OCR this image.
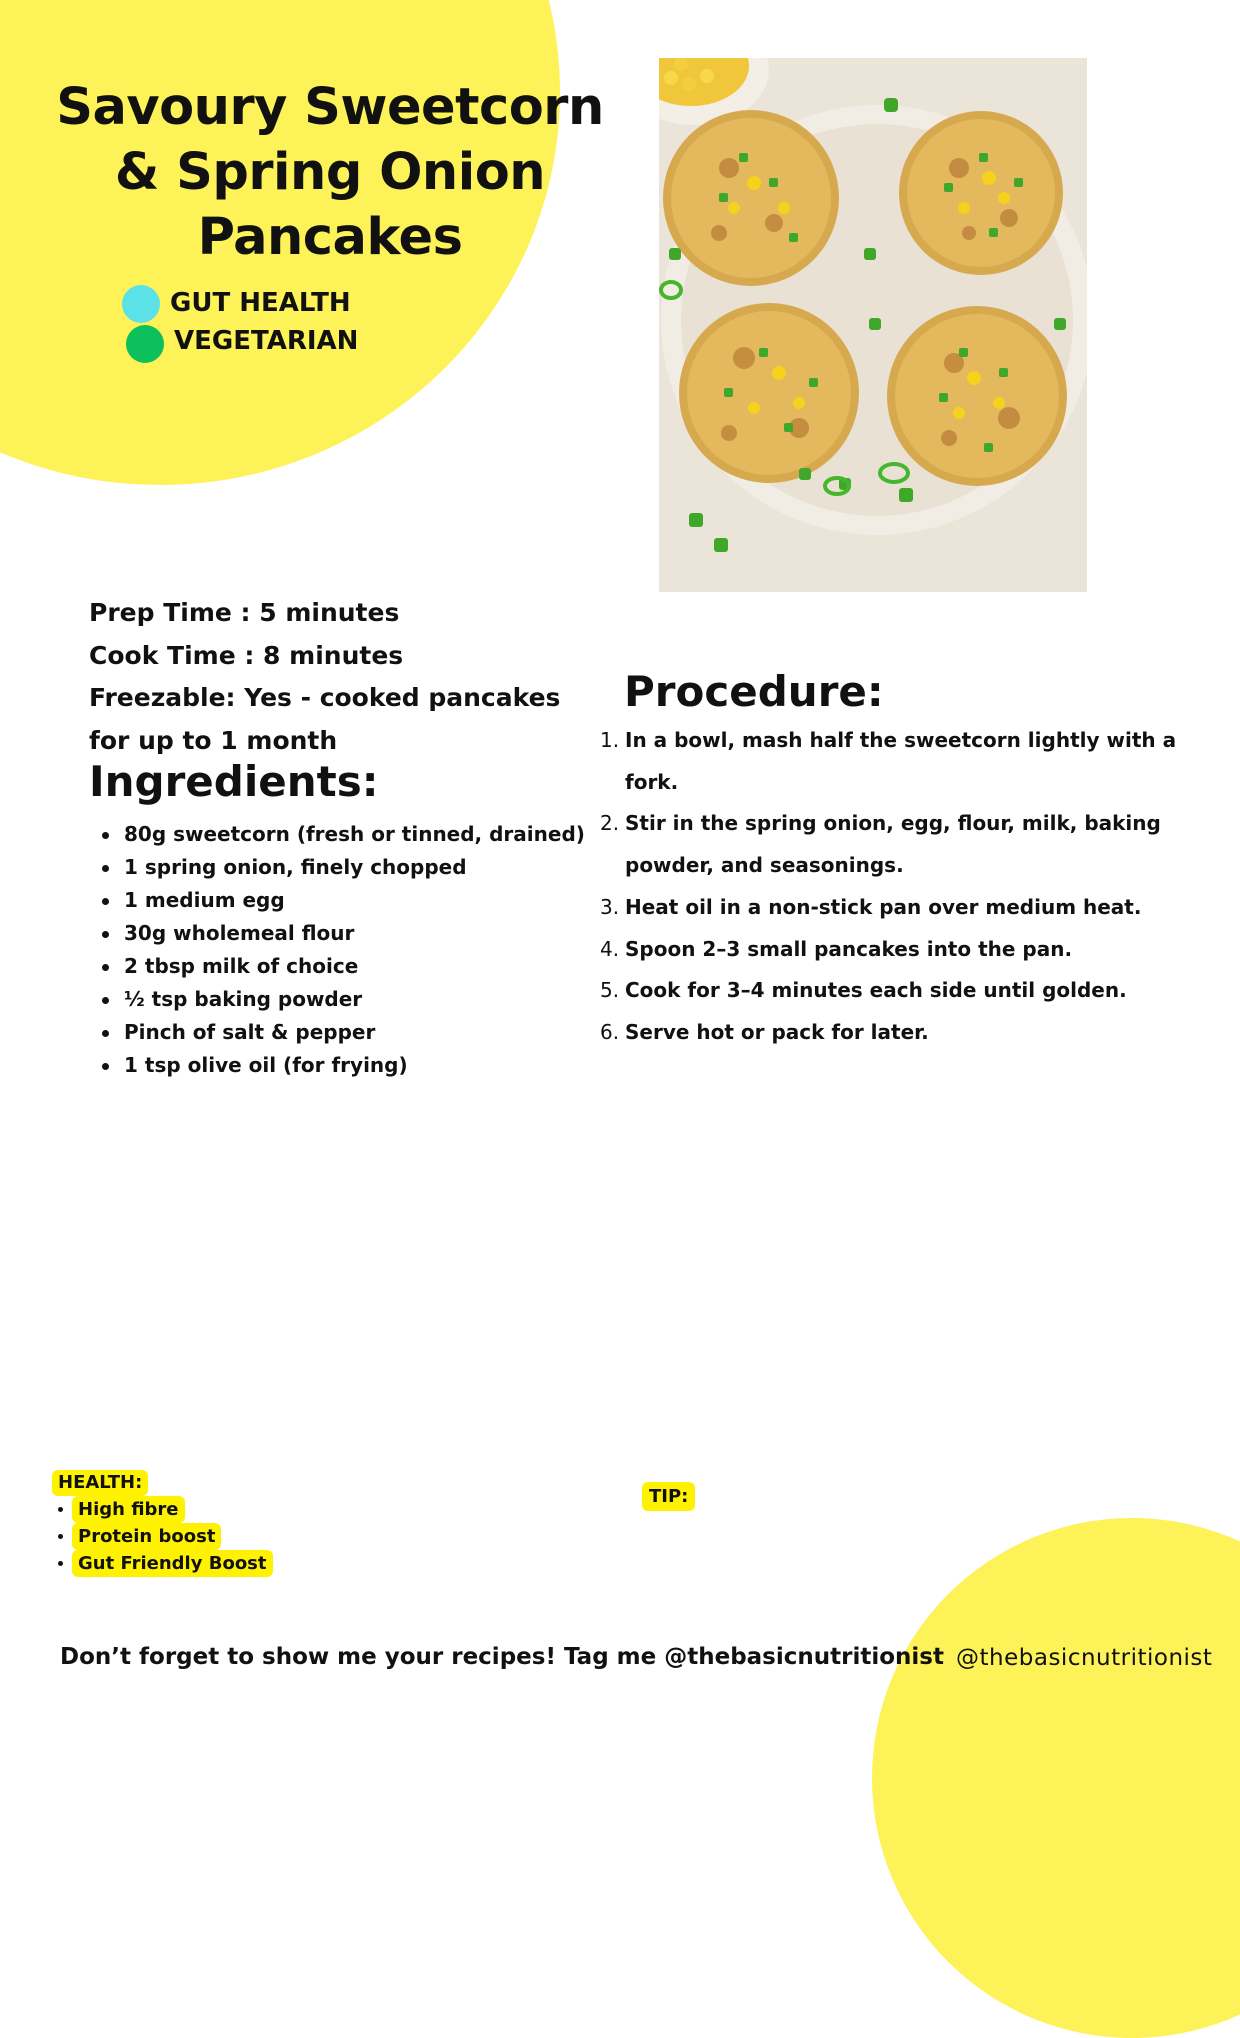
Savoury Sweetcorn & Spring Onion Pancakes
GUT HEALTH
VEGETARIAN

Prep Time : 5 minutes

Cook Time : 8 minutes

Freezable: Yes - cooked pancakes

for up to 1 month

Ingredients:
80g sweetcorn (fresh or tinned, drained)
1 spring onion, finely chopped
1 medium egg
30g wholemeal flour
2 tbsp milk of choice
½ tsp baking powder
Pinch of salt & pepper
1 tsp olive oil (for frying)
Procedure:
1. In a bowl, mash half the sweetcorn lightly with a fork.
2. Stir in the spring onion, egg, flour, milk, baking powder, and seasonings.
3. Heat oil in a non-stick pan over medium heat.
4. Spoon 2–3 small pancakes into the pan.
5. Cook for 3–4 minutes each side until golden.
6. Serve hot or pack for later.
HEALTH:
High fibre
Protein boost
Gut Friendly Boost
TIP:
Don’t forget to show me your recipes! Tag me @thebasicnutritionist @thebasicnutritionist
